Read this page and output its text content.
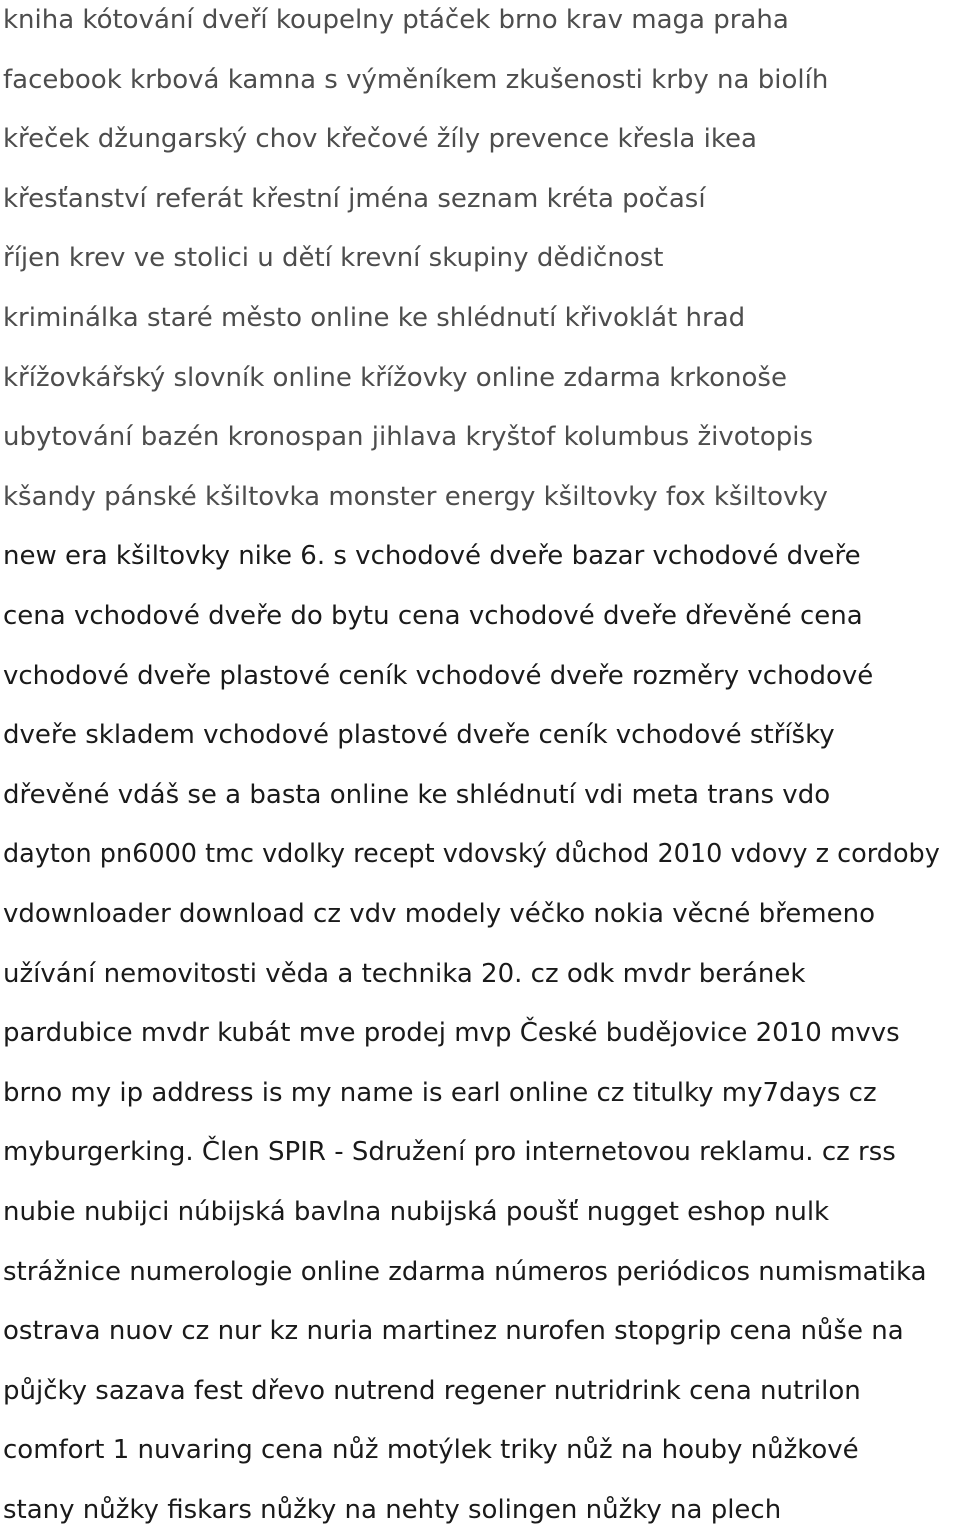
kniha kótování dveří koupelny ptáček brno krav maga praha
facebook krbová kamna s výměníkem zkušenosti krby na biolíh
křeček džungarský chov křečové žíly prevence křesla ikea
křesťanství referát křestní jména seznam kréta počasí
říjen krev ve stolici u dětí krevní skupiny dědičnost
kriminálka staré město online ke shlédnutí křivoklát hrad
křížovkářský slovník online křížovky online zdarma krkonoše
ubytování bazén kronospan jihlava kryštof kolumbus životopis
kšandy pánské kšiltovka monster energy kšiltovky fox kšiltovky
new era kšiltovky nike 6. s vchodové dveře bazar vchodové dveře
cena vchodové dveře do bytu cena vchodové dveře dřevěné cena
vchodové dveře plastové ceník vchodové dveře rozměry vchodové
dveře skladem vchodové plastové dveře ceník vchodové stříšky
dřevěné vdáš se a basta online ke shlédnutí vdi meta trans vdo
dayton pn6000 tmc vdolky recept vdovský důchod 2010 vdovy z cordoby
vdownloader download cz vdv modely véčko nokia věcné břemeno
užívání nemovitosti věda a technika 20. cz odk mvdr beránek
pardubice mvdr kubát mve prodej mvp České budějovice 2010 mvvs
brno my ip address is my name is earl online cz titulky my7days cz
myburgerking. Člen SPIR - Sdružení pro internetovou reklamu. cz rss
nubie nubijci núbijská bavlna nubijská poušť nugget eshop nulk
strážnice numerologie online zdarma números periódicos numismatika
ostrava nuov cz nur kz nuria martinez nurofen stopgrip cena nůše na
půjčky sazava fest dřevo nutrend regener nutridrink cena nutrilon
comfort 1 nuvaring cena nůž motýlek triky nůž na houby nůžkové
stany nůžky fiskars nůžky na nehty solingen nůžky na plech
